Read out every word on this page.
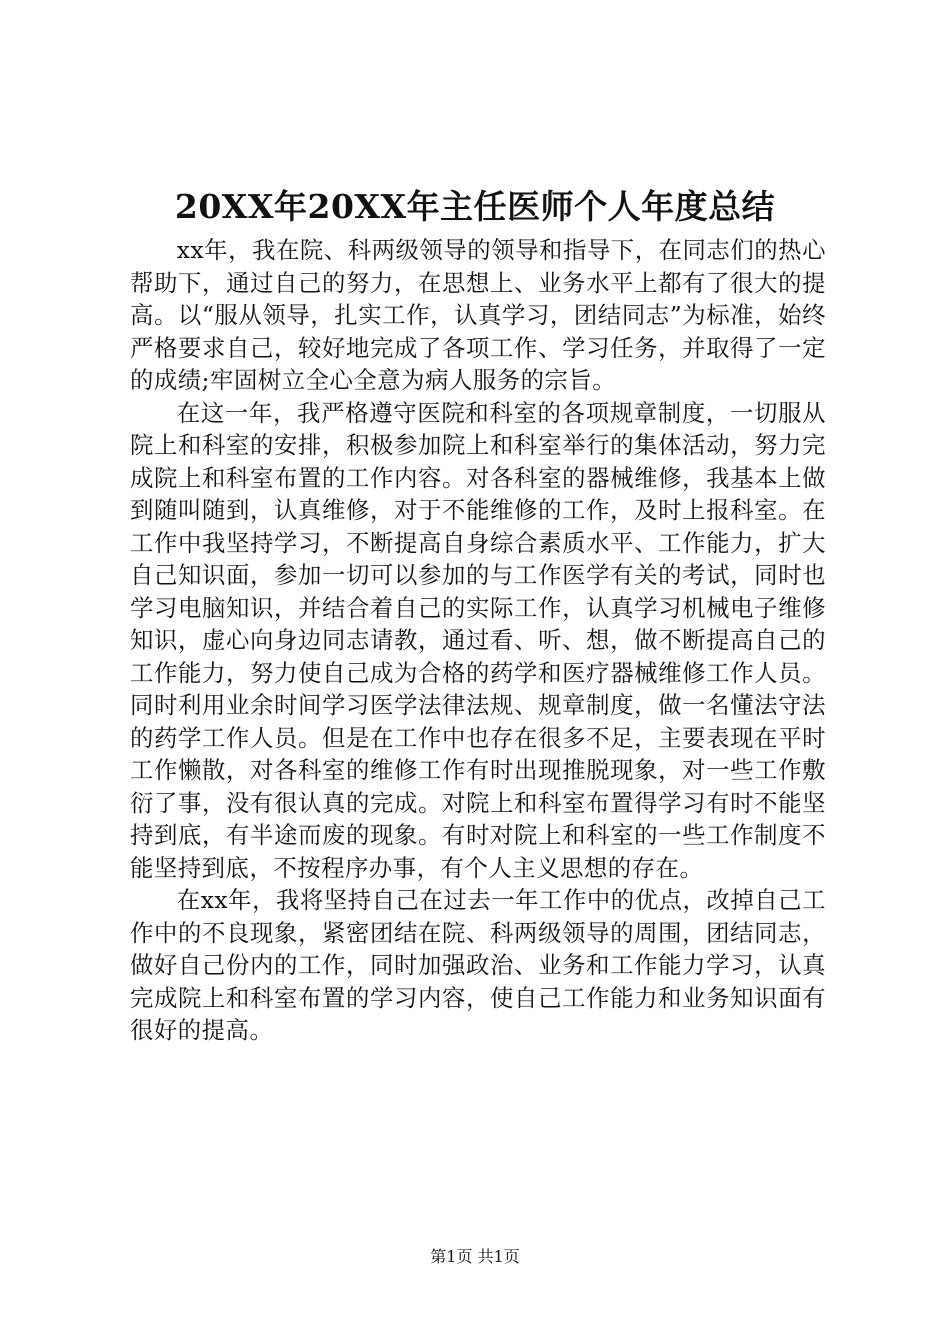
20XX年20XX年主任医师个人年度总结

xx年，我在院、科两级领导的领导和指导下，在同志们的热心帮助下，通过自己的努力，在思想上、业务水平上都有了很大的提高。以“服从领导，扎实工作，认真学习，团结同志”为标准，始终严格要求自己，较好地完成了各项工作、学习任务，并取得了一定的成绩;牢固树立全心全意为病人服务的宗旨。

在这一年，我严格遵守医院和科室的各项规章制度，一切服从院上和科室的安排，积极参加院上和科室举行的集体活动，努力完成院上和科室布置的工作内容。对各科室的器械维修，我基本上做到随叫随到，认真维修，对于不能维修的工作，及时上报科室。在工作中我坚持学习，不断提高自身综合素质水平、工作能力，扩大自己知识面，参加一切可以参加的与工作医学有关的考试，同时也学习电脑知识，并结合着自己的实际工作，认真学习机械电子维修知识，虚心向身边同志请教，通过看、听、想，做不断提高自己的工作能力，努力使自己成为合格的药学和医疗器械维修工作人员。同时利用业余时间学习医学法律法规、规章制度，做一名懂法守法的药学工作人员。但是在工作中也存在很多不足，主要表现在平时工作懒散，对各科室的维修工作有时出现推脱现象，对一些工作敷衍了事，没有很认真的完成。对院上和科室布置得学习有时不能坚持到底，有半途而废的现象。有时对院上和科室的一些工作制度不能坚持到底，不按程序办事，有个人主义思想的存在。

在xx年，我将坚持自己在过去一年工作中的优点，改掉自己工作中的不良现象，紧密团结在院、科两级领导的周围，团结同志，做好自己份内的工作，同时加强政治、业务和工作能力学习，认真完成院上和科室布置的学习内容，使自己工作能力和业务知识面有很好的提高。

第1页 共1页
